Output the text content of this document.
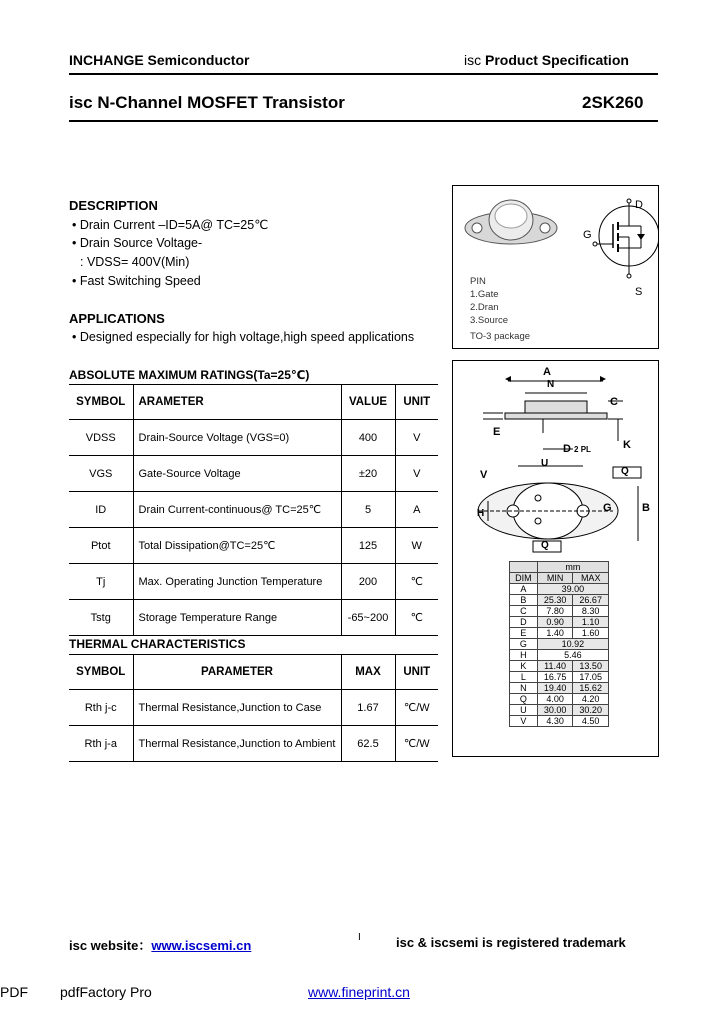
INCHANGE Semiconductor	isc Product Specification
isc N-Channel MOSFET Transistor	2SK260
DESCRIPTION
• Drain Current –ID=5A@ TC=25℃
• Drain Source Voltage-
: VDSS= 400V(Min)
• Fast Switching Speed
APPLICATIONS
• Designed especially for high voltage,high speed applications
D
G
S
PIN
1.Gate
2.Dran
3.Source
TO-3 package
ABSOLUTE MAXIMUM RATINGS(Ta=25℃)
SYMBOL	ARAMETER	VALUE	UNIT
VDSS	Drain-Source Voltage (VGS=0)	400	V
VGS	Gate-Source Voltage	±20	V
ID	Drain Current-continuous@ TC=25℃	5	A
Ptot	Total Dissipation@TC=25℃	125	W
Tj	Max. Operating Junction Temperature	200	℃
Tstg	Storage Temperature Range	-65~200	℃
THERMAL CHARACTERISTICS
SYMBOL	PARAMETER	MAX	UNIT
Rth j-c	Thermal Resistance,Junction to Case	1.67	℃/W
Rth j-a	Thermal Resistance,Junction to Ambient	62.5	℃/W
A
N
C
E
K
D 2 PL
U
Q
V
H	G	B
Q
	mm	
DIM	MIN	MAX
A	39.00	
B	25.30	26.67
C	7.80	8.30
D	0.90	1.10
E	1.40	1.60
G	10.92	
H	5.46	
K	11.40	13.50
L	16.75	17.05
N	19.40	15.62
Q	4.00	4.20
U	30.00	30.20
V	4.30	4.50
isc website：www.iscsemi.cn
I	isc & iscsemi is registered trademark
PDF pdfFactory Pro	www.fineprint.cn
